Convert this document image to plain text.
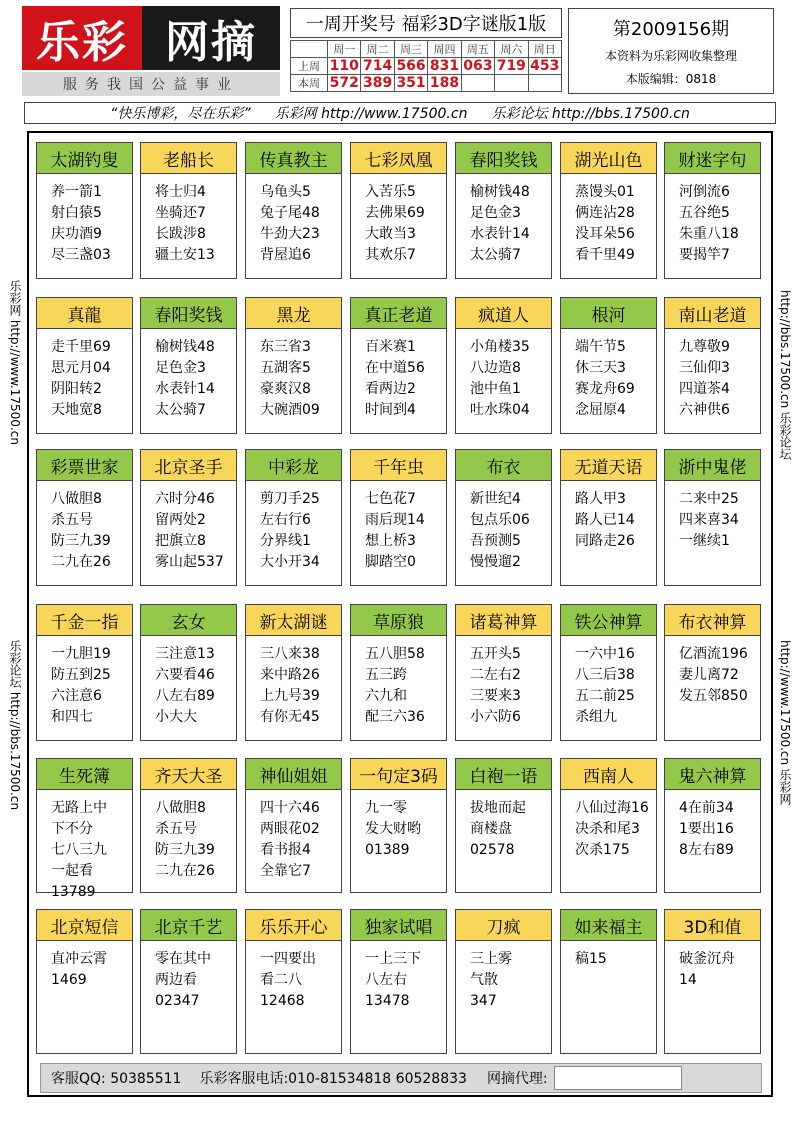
乐彩 网摘
服务我国公益事业
一周开奖号 福彩3D字谜版1版
	周一	周二	周三	周四	周五	周六	周日
上周	110	714	566	831	063	719	453
本周	572	389	351	188			
第2009156期
本资料为乐彩网收集整理
本版编辑：0818
“快乐博彩，尽在乐彩” 乐彩网 http://www.17500.cn 乐彩论坛 http://bbs.17500.cn
乐彩网 http://www.17500.cn
乐彩论坛 http://bbs.17500.cn
http://bbs.17500.cn 乐彩论坛
http://www.17500.cn 乐彩网
太湖钓叟
养一箭1
射白猿5
庆功酒9
尽三盏03
老船长
将士归4
坐骑还7
长跋涉8
疆土安13
传真教主
乌龟头5
兔子尾48
牛劲大23
背屋追6
七彩凤凰
入苦乐5
去佛果69
大敢当3
其欢乐7
春阳奖钱
榆树钱48
足色金3
水表针14
太公骑7
湖光山色
蒸馒头01
俩连沾28
没耳朵56
看千里49
财迷字句
河倒流6
五谷绝5
朱重八18
要揭竿7
真龍
走千里69
思元月04
阴阳转2
天地宽8
春阳奖钱
榆树钱48
足色金3
水表针14
太公骑7
黑龙
东三省3
五湖客5
豪爽汉8
大碗酒09
真正老道
百米赛1
在中道56
看两边2
时间到4
疯道人
小角楼35
八边造8
池中鱼1
吐水珠04
根河
端午节5
休三天3
赛龙舟69
念屈原4
南山老道
九尊敬9
三仙仰3
四道茶4
六神供6
彩票世家
八做胆8
杀五号
防三九39
二九在26
北京圣手
六时分46
留两处2
把旗立8
雾山起537
中彩龙
剪刀手25
左右行6
分界线1
大小开34
千年虫
七色花7
雨后现14
想上桥3
脚踏空0
布衣
新世纪4
包点乐06
吾预测5
慢慢遛2
无道天语
路人甲3
路人已14
同路走26
浙中鬼佬
二来中25
四来喜34
一继续1
千金一指
一九胆19
防五到25
六注意6
和四七
玄女
三注意13
六要看46
八左右89
小大大
新太湖谜
三八来38
来中路26
上九号39
有你无45
草原狼
五八胆58
五三跨
六九和
配三六36
诸葛神算
五开头5
二左右2
三要来3
小六防6
铁公神算
一六中16
八三后38
五二前25
杀组九
布衣神算
亿酒流196
妻儿离72
发五邻850
生死簿
无路上中
下不分
七八三九
一起看
13789
齐天大圣
八做胆8
杀五号
防三九39
二九在26
神仙姐姐
四十六46
两眼花02
看书报4
全靠它7
一句定3码
九一零
发大财哟
01389
白袍一语
拔地而起
商楼盘
02578
西南人
八仙过海16
决杀和尾3
次杀175
鬼六神算
4在前34
1要出16
8左右89
北京短信
直冲云霄
1469
北京千艺
零在其中
两边看
02347
乐乐开心
一四要出
看二八
12468
独家试唱
一上三下
八左右
13478
刀疯
三上雾
气散
347
如来福主
稿15
3D和值
破釜沉舟
14
客服QQ: 50385511 乐彩客服电话:010-81534818 60528833 网摘代理:
